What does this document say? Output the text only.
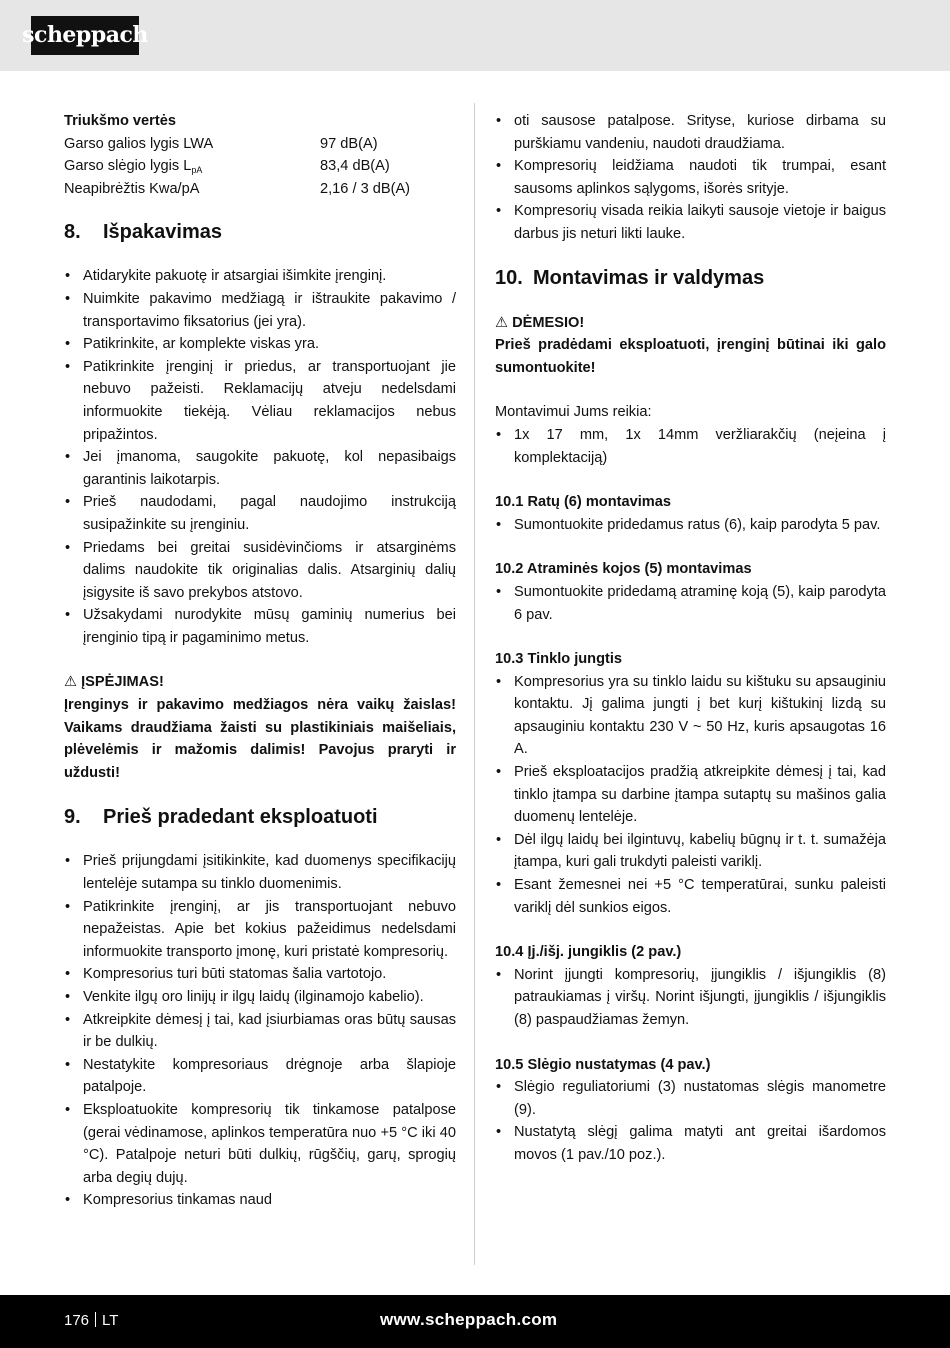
scheppach

Triukšmo vertės

Garso galios lygis LWA	97 dB(A)
Garso slėgio lygis $L_{pA}$	83,4 dB(A)
Neapibrėžtis Kwa/pA	2,16 / 3 dB(A)
8.	Išpakavimas
• Atidarykite pakuotę ir atsargiai išimkite įrenginį.
• Nuimkite pakavimo medžiagą ir ištraukite pakavimo / transportavimo fiksatorius (jei yra).
• Patikrinkite, ar komplekte viskas yra.
• Patikrinkite įrenginį ir priedus, ar transportuojant jie nebuvo pažeisti. Reklamacijų atveju nedelsdami informuokite tiekėją. Vėliau reklamacijos nebus pripažintos.
• Jei įmanoma, saugokite pakuotę, kol nepasibaigs garantinis laikotarpis.
• Prieš naudodami, pagal naudojimo instrukciją susipažinkite su įrenginiu.
• Priedams bei greitai susidėvinčioms ir atsarginėms dalims naudokite tik originalias dalis. Atsarginių dalių įsigysite iš savo prekybos atstovo.
• Užsakydami nurodykite mūsų gaminių numerius bei įrenginio tipą ir pagaminimo metus.

⚠ ĮSPĖJIMAS!

Įrenginys ir pakavimo medžiagos nėra vaikų žaislas! Vaikams draudžiama žaisti su plastikiniais maišeliais, plėvelėmis ir mažomis dalimis! Pavojus praryti ir uždusti!

9.	Prieš pradedant eksploatuoti
• Prieš prijungdami įsitikinkite, kad duomenys specifikacijų lentelėje sutampa su tinklo duomenimis.
• Patikrinkite įrenginį, ar jis transportuojant nebuvo nepažeistas. Apie bet kokius pažeidimus nedelsdami informuokite transporto įmonę, kuri pristatė kompresorių.
• Kompresorius turi būti statomas šalia vartotojo.
• Venkite ilgų oro linijų ir ilgų laidų (ilginamojo kabelio).
• Atkreipkite dėmesį į tai, kad įsiurbiamas oras būtų sausas ir be dulkių.
• Nestatykite kompresoriaus drėgnoje arba šlapioje patalpoje.
• Eksploatuokite kompresorių tik tinkamose patalpose (gerai vėdinamose, aplinkos temperatūra nuo +5 °C iki 40 °C). Patalpoje neturi būti dulkių, rūgščių, garų, sprogių arba degių dujų.
• Kompresorius tinkamas naud
• oti sausose patalpose. Srityse, kuriose dirbama su purškiamu vandeniu, naudoti draudžiama.
• Kompresorių leidžiama naudoti tik trumpai, esant sausoms aplinkos sąlygoms, išorės srityje.
• Kompresorių visada reikia laikyti sausoje vietoje ir baigus darbus jis neturi likti lauke.
10. Montavimas ir valdymas

⚠ DĖMESIO!

Prieš pradėdami eksploatuoti, įrenginį būtinai iki galo sumontuokite!

Montavimui Jums reikia:

• 1x 17 mm, 1x 14mm veržliarakčių (neįeina į komplektaciją)

10.1 Ratų (6) montavimas

• Sumontuokite pridedamus ratus (6), kaip parodyta 5 pav.

10.2 Atraminės kojos (5) montavimas

• Sumontuokite pridedamą atraminę koją (5), kaip parodyta 6 pav.

10.3 Tinklo jungtis

• Kompresorius yra su tinklo laidu su kištuku su apsauginiu kontaktu. Jį galima jungti į bet kurį kištukinį lizdą su apsauginiu kontaktu 230 V ~ 50 Hz, kuris apsaugotas 16 A.
• Prieš eksploatacijos pradžią atkreipkite dėmesį į tai, kad tinklo įtampa su darbine įtampa sutaptų su mašinos galia duomenų lentelėje.
• Dėl ilgų laidų bei ilgintuvų, kabelių būgnų ir t. t. sumažėja įtampa, kuri gali trukdyti paleisti variklį.
• Esant žemesnei nei +5 °C temperatūrai, sunku paleisti variklį dėl sunkios eigos.

10.4 Įj./išj. jungiklis (2 pav.)

• Norint įjungti kompresorių, įjungiklis / išjungiklis (8) patraukiamas į viršų. Norint išjungti, įjungiklis / išjungiklis (8) paspaudžiamas žemyn.

10.5 Slėgio nustatymas (4 pav.)

• Slėgio reguliatoriumi (3) nustatomas slėgis manometre (9).
• Nustatytą slėgį galima matyti ant greitai išardomos movos (1 pav./10 poz.).
176 LT	www.scheppach.com
